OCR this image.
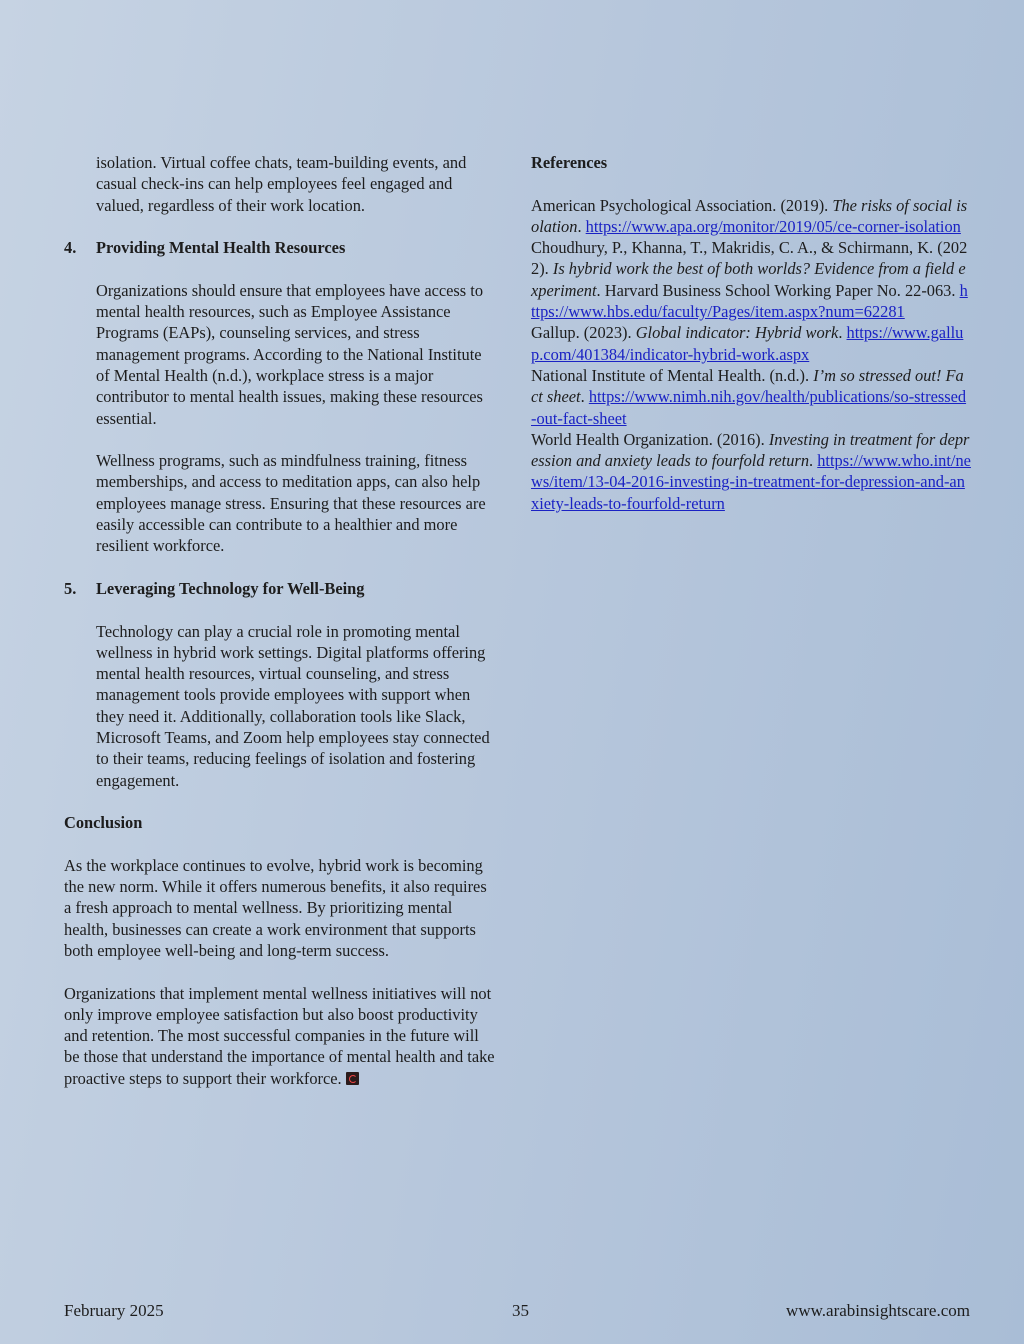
isolation. Virtual coffee chats, team-building events, and casual check-ins can help employees feel engaged and valued, regardless of their work location.

4.	Providing Mental Health Resources

Organizations should ensure that employees have access to mental health resources, such as Employee Assistance Programs (EAPs), counseling services, and stress management programs. According to the National Institute of Mental Health (n.d.), workplace stress is a major contributor to mental health issues, making these resources essential.

Wellness programs, such as mindfulness training, fitness memberships, and access to meditation apps, can also help employees manage stress. Ensuring that these resources are easily accessible can contribute to a healthier and more resilient workforce.

5.	Leveraging Technology for Well-Being

Technology can play a crucial role in promoting mental wellness in hybrid work settings. Digital platforms offering mental health resources, virtual counseling, and stress management tools provide employees with support when they need it. Additionally, collaboration tools like Slack, Microsoft Teams, and Zoom help employees stay connected to their teams, reducing feelings of isolation and fostering engagement.

Conclusion

As the workplace continues to evolve, hybrid work is becoming the new norm. While it offers numerous benefits, it also requires a fresh approach to mental wellness. By prioritizing mental health, businesses can create a work environment that supports both employee well-being and long-term success.

Organizations that implement mental wellness initiatives will not only improve employee satisfaction but also boost productivity and retention. The most successful companies in the future will be those that understand the importance of mental health and take proactive steps to support their workforce.

References

American Psychological Association. (2019). The risks of social isolation. https://www.apa.org/monitor/2019/05/ce-corner-isolation

Choudhury, P., Khanna, T., Makridis, C. A., & Schirmann, K. (2022). Is hybrid work the best of both worlds? Evidence from a field experiment. Harvard Business School Working Paper No. 22-063. https://www.hbs.edu/faculty/Pages/item.aspx?num=62281

Gallup. (2023). Global indicator: Hybrid work. https://www.gallup.com/401384/indicator-hybrid-work.aspx

National Institute of Mental Health. (n.d.). I’m so stressed out! Fact sheet. https://www.nimh.nih.gov/health/publications/so-stressed-out-fact-sheet

World Health Organization. (2016). Investing in treatment for depression and anxiety leads to fourfold return. https://www.who.int/news/item/13-04-2016-investing-in-treatment-for-depression-and-anxiety-leads-to-fourfold-return

February 2025	35	www.arabinsightscare.com
